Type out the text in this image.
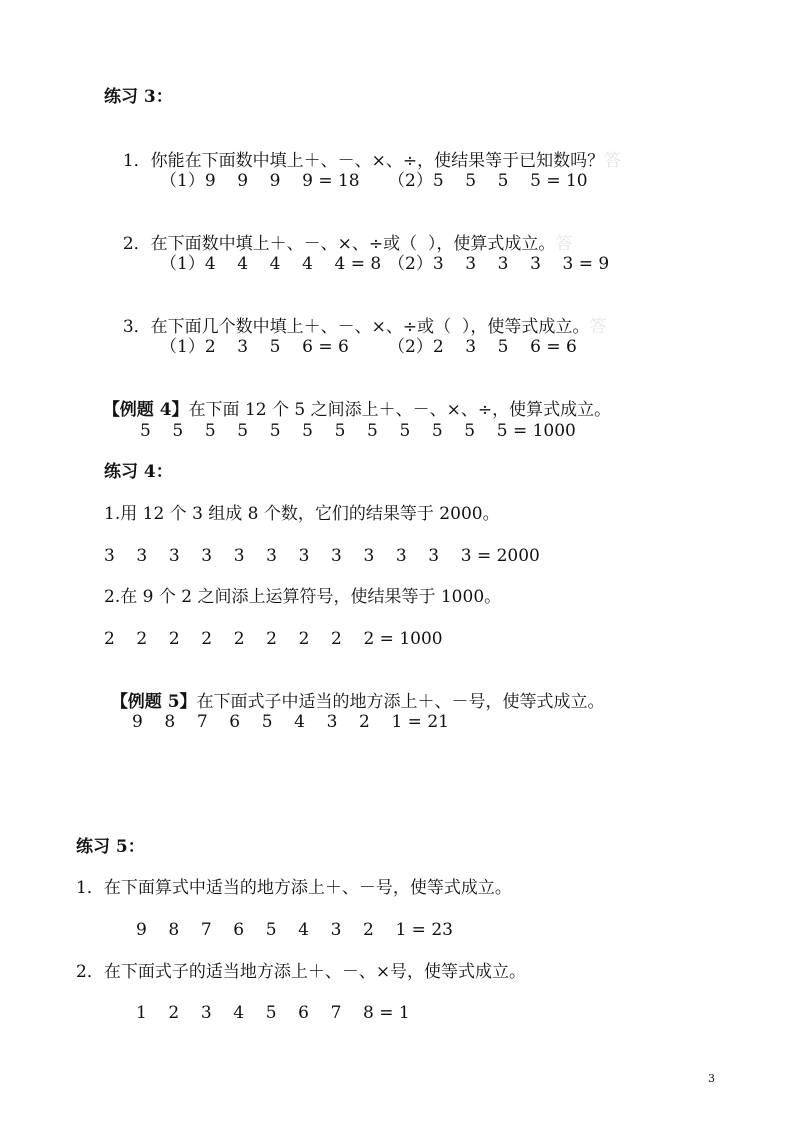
练习 3：

1．你能在下面数中填上＋、－、×、÷，使结果等于已知数吗？答

（1）9    9    9    9 = 18 （2）5    5    5    5 = 10

2．在下面数中填上＋、－、×、÷或（  ），使算式成立。答

（1）4    4    4    4    4 = 8 （2）3    3    3    3    3 = 9

3．在下面几个数中填上＋、－、×、÷或（  ），使等式成立。答

（1）2    3    5    6 = 6 （2）2    3    5    6 = 6

【例题 4】在下面 12 个 5 之间添上＋、－、×、÷，使算式成立。

5    5    5    5    5    5    5    5    5    5    5    5 = 1000
练习 4：
1.用 12 个 3 组成 8 个数，它们的结果等于 2000。
3    3    3    3    3    3    3    3    3    3    3    3 = 2000
2.在 9 个 2 之间添上运算符号，使结果等于 1000。
2    2    2    2    2    2    2    2    2 = 1000

【例题 5】在下面式子中适当的地方添上＋、－号，使等式成立。

9    8    7    6    5    4    3    2    1 = 21
练习 5：
1．在下面算式中适当的地方添上＋、－号，使等式成立。
9    8    7    6    5    4    3    2    1 = 23
2．在下面式子的适当地方添上＋、－、×号，使等式成立。
1    2    3    4    5    6    7    8 = 1
3
